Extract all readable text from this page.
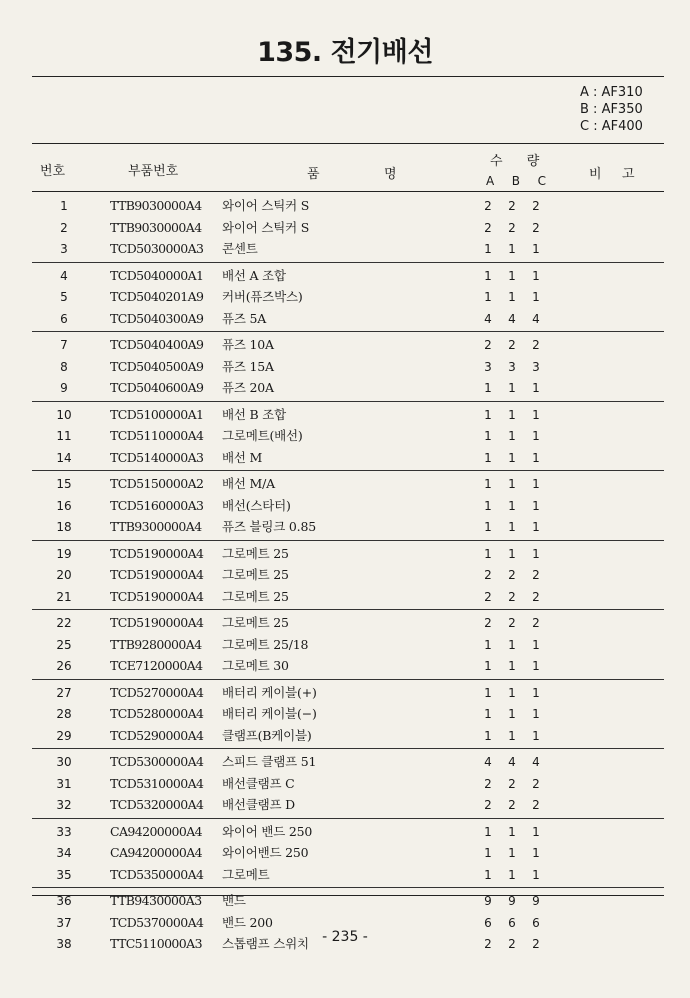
135. 전기배선
A : AF310
B : AF350
C : AF400
번호	부품번호	품	명
수 량
A B C	비 고
1	TTB9030000A4	와이어 스틱커 S	2 2 2
2	TTB9030000A4	와이어 스틱커 S	2 2 2
3	TCD5030000A3	콘센트	1 1 1
4	TCD5040000A1	배선 A 조합	1 1 1
5	TCD5040201A9	커버(퓨즈박스)	1 1 1
6	TCD5040300A9	퓨즈 5A	4 4 4
7	TCD5040400A9	퓨즈 10A	2 2 2
8	TCD5040500A9	퓨즈 15A	3 3 3
9	TCD5040600A9	퓨즈 20A	1 1 1
10	TCD5100000A1	배선 B 조합	1 1 1
11	TCD5110000A4	그로메트(배선)	1 1 1
14	TCD5140000A3	배선 M	1 1 1
15	TCD5150000A2	배선 M/A	1 1 1
16	TCD5160000A3	배선(스타터)	1 1 1
18	TTB9300000A4	퓨즈 블링크 0.85	1 1 1
19	TCD5190000A4	그로메트 25	1 1 1
20	TCD5190000A4	그로메트 25	2 2 2
21	TCD5190000A4	그로메트 25	2 2 2
22	TCD5190000A4	그로메트 25	2 2 2
25	TTB9280000A4	그로메트 25/18	1 1 1
26	TCE7120000A4	그로메트 30	1 1 1
27	TCD5270000A4	배터리 케이블(+)	1 1 1
28	TCD5280000A4	배터리 케이블(−)	1 1 1
29	TCD5290000A4	클램프(B케이블)	1 1 1
30	TCD5300000A4	스피드 클램프 51	4 4 4
31	TCD5310000A4	배선클램프 C	2 2 2
32	TCD5320000A4	배선클램프 D	2 2 2
33	CA94200000A4	와이어 밴드 250	1 1 1
34	CA94200000A4	와이어밴드 250	1 1 1
35	TCD5350000A4	그로메트	1 1 1
36	TTB9430000A3	밴드	9 9 9
37	TCD5370000A4	밴드 200	6 6 6
38	TTC5110000A3	스톱램프 스위치	2 2 2
- 235 -
